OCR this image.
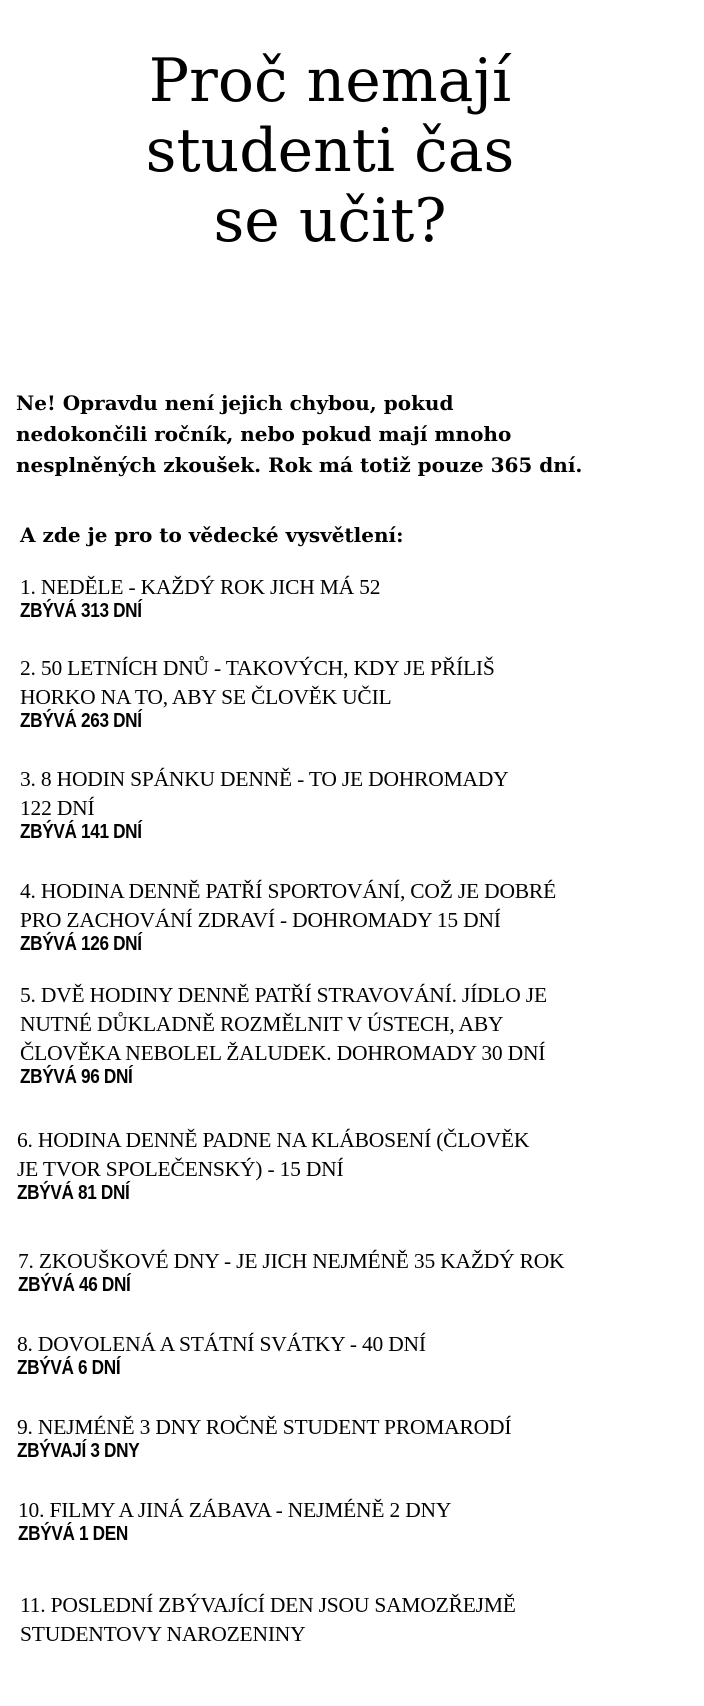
Proč nemají
studenti čas
se učit?

Ne! Opravdu není jejich chybou, pokud
nedokončili ročník, nebo pokud mají mnoho
nesplněných zkoušek. Rok má totiž pouze 365 dní.

A zde je pro to vědecké vysvětlení:
1. NEDĚLE - KAŽDÝ ROK JICH MÁ 52
ZBÝVÁ 313 DNÍ
2. 50 LETNÍCH DNŮ - TAKOVÝCH, KDY JE PŘÍLIŠ
HORKO NA TO, ABY SE ČLOVĚK UČIL
ZBÝVÁ 263 DNÍ
3. 8 HODIN SPÁNKU DENNĚ - TO JE DOHROMADY
122 DNÍ
ZBÝVÁ 141 DNÍ
4. HODINA DENNĚ PATŘÍ SPORTOVÁNÍ, COŽ JE DOBRÉ
PRO ZACHOVÁNÍ ZDRAVÍ - DOHROMADY 15 DNÍ
ZBÝVÁ 126 DNÍ
5. DVĚ HODINY DENNĚ PATŘÍ STRAVOVÁNÍ. JÍDLO JE
NUTNÉ DŮKLADNĚ ROZMĚLNIT V ÚSTECH, ABY
ČLOVĚKA NEBOLEL ŽALUDEK. DOHROMADY 30 DNÍ
ZBÝVÁ 96 DNÍ
6. HODINA DENNĚ PADNE NA KLÁBOSENÍ (ČLOVĚK
JE TVOR SPOLEČENSKÝ) - 15 DNÍ
ZBÝVÁ 81 DNÍ
7. ZKOUŠKOVÉ DNY - JE JICH NEJMÉNĚ 35 KAŽDÝ ROK
ZBÝVÁ 46 DNÍ
8. DOVOLENÁ A STÁTNÍ SVÁTKY - 40 DNÍ
ZBÝVÁ 6 DNÍ
9. NEJMÉNĚ 3 DNY ROČNĚ STUDENT PROMARODÍ
ZBÝVAJÍ 3 DNY
10. FILMY A JINÁ ZÁBAVA - NEJMÉNĚ 2 DNY
ZBÝVÁ 1 DEN
11. POSLEDNÍ ZBÝVAJÍCÍ DEN JSOU SAMOZŘEJMĚ
STUDENTOVY NAROZENINY
